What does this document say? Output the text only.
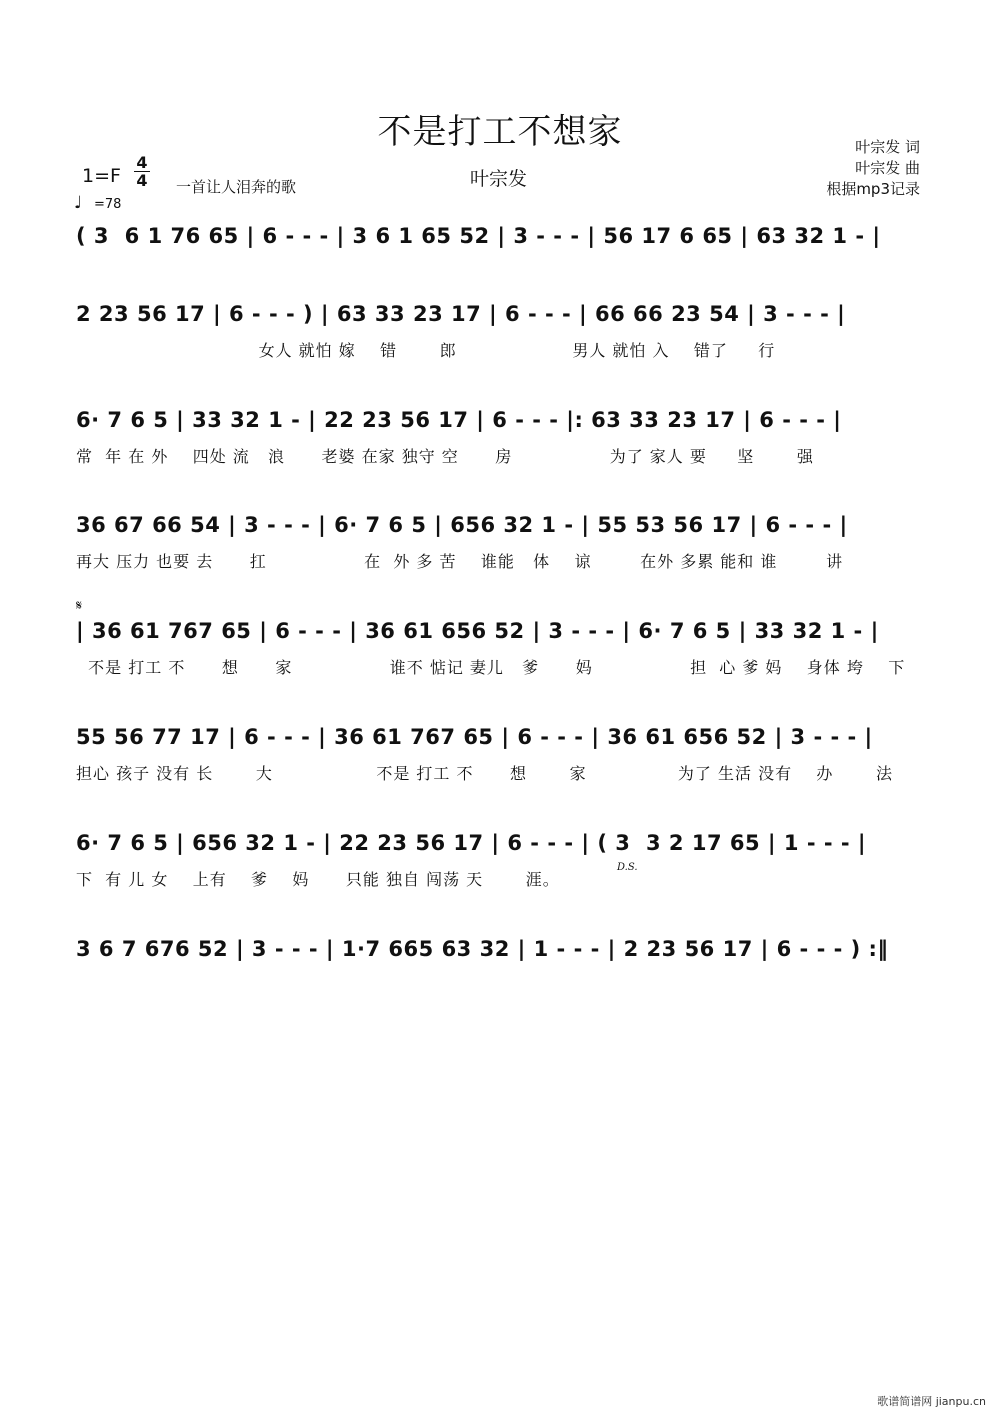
不是打工不想家
叶宗发
叶宗发 词
叶宗发 曲
根据mp3记录
1=F
4
4 一首让人泪奔的歌
♩ =78
𝄋
D.S.
( 3  6 1 76 65 | 6 - - - | 3 6 1 65 52 | 3 - - - | 56 17 6 65 | 63 32 1 - |
2 23 56 17 | 6 - - - ) | 63 33 23 17 | 6 - - - | 66 66 23 54 | 3 - - - |
女人 就怕 嫁    错       郎                   男人 就怕 入    错了     行
6· 7 6 5 | 33 32 1 - | 22 23 56 17 | 6 - - - |: 63 33 23 17 | 6 - - - |
常  年 在 外    四处 流   浪      老婆 在家 独守 空      房                为了 家人 要     坚       强
36 67 66 54 | 3 - - - | 6· 7 6 5 | 656 32 1 - | 55 53 56 17 | 6 - - - |
再大 压力 也要 去      扛                在  外 多 苦    谁能   体    谅        在外 多累 能和 谁        讲
| 36 61 767 65 | 6 - - - | 36 61 656 52 | 3 - - - | 6· 7 6 5 | 33 32 1 - |
不是 打工 不      想      家                谁不 惦记 妻儿   爹      妈                担  心 爹 妈    身体 垮    下
55 56 77 17 | 6 - - - | 36 61 767 65 | 6 - - - | 36 61 656 52 | 3 - - - |
担心 孩子 没有 长       大                 不是 打工 不      想       家               为了 生活 没有    办       法
6· 7 6 5 | 656 32 1 - | 22 23 56 17 | 6 - - - | ( 3  3 2 17 65 | 1 - - - |
下  有 儿 女    上有    爹    妈      只能 独自 闯荡 天       涯。
3 6 7 676 52 | 3 - - - | 1·7 665 63 32 | 1 - - - | 2 23 56 17 | 6 - - - ) :‖
歌谱简谱网 jianpu.cn
